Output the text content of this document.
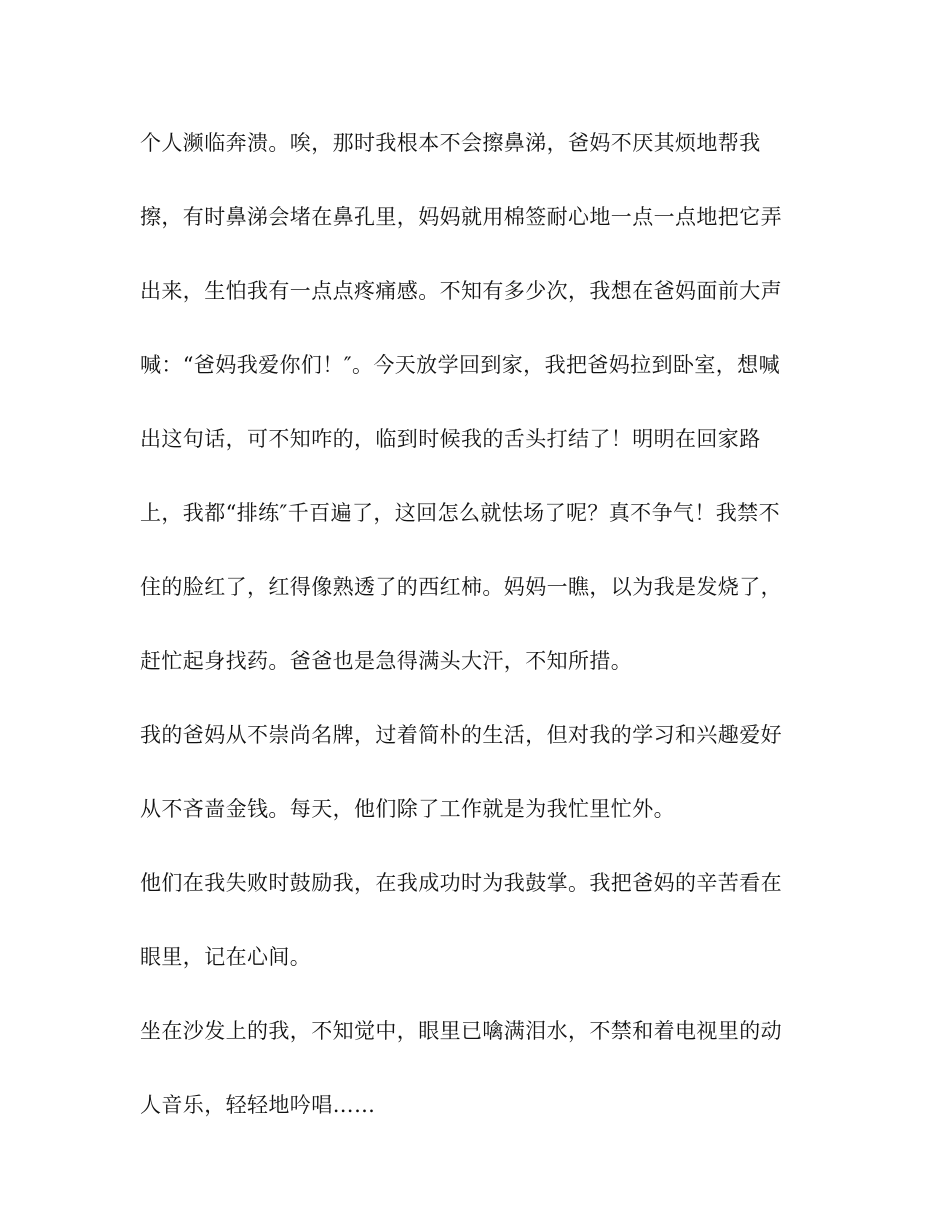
个人濒临奔溃。唉，那时我根本不会擦鼻涕，爸妈不厌其烦地帮我
擦，有时鼻涕会堵在鼻孔里，妈妈就用棉签耐心地一点一点地把它弄
出来，生怕我有一点点疼痛感。不知有多少次，我想在爸妈面前大声
喊：“爸妈我爱你们！″。今天放学回到家，我把爸妈拉到卧室，想喊
出这句话，可不知咋的，临到时候我的舌头打结了！明明在回家路
上，我都“排练″千百遍了，这回怎么就怯场了呢？真不争气！我禁不
住的脸红了，红得像熟透了的西红柿。妈妈一瞧，以为我是发烧了，
赶忙起身找药。爸爸也是急得满头大汗，不知所措。
我的爸妈从不崇尚名牌，过着简朴的生活，但对我的学习和兴趣爱好
从不吝啬金钱。每天，他们除了工作就是为我忙里忙外。
他们在我失败时鼓励我，在我成功时为我鼓掌。我把爸妈的辛苦看在
眼里，记在心间。
坐在沙发上的我，不知觉中，眼里已噙满泪水，不禁和着电视里的动
人音乐，轻轻地吟唱……
